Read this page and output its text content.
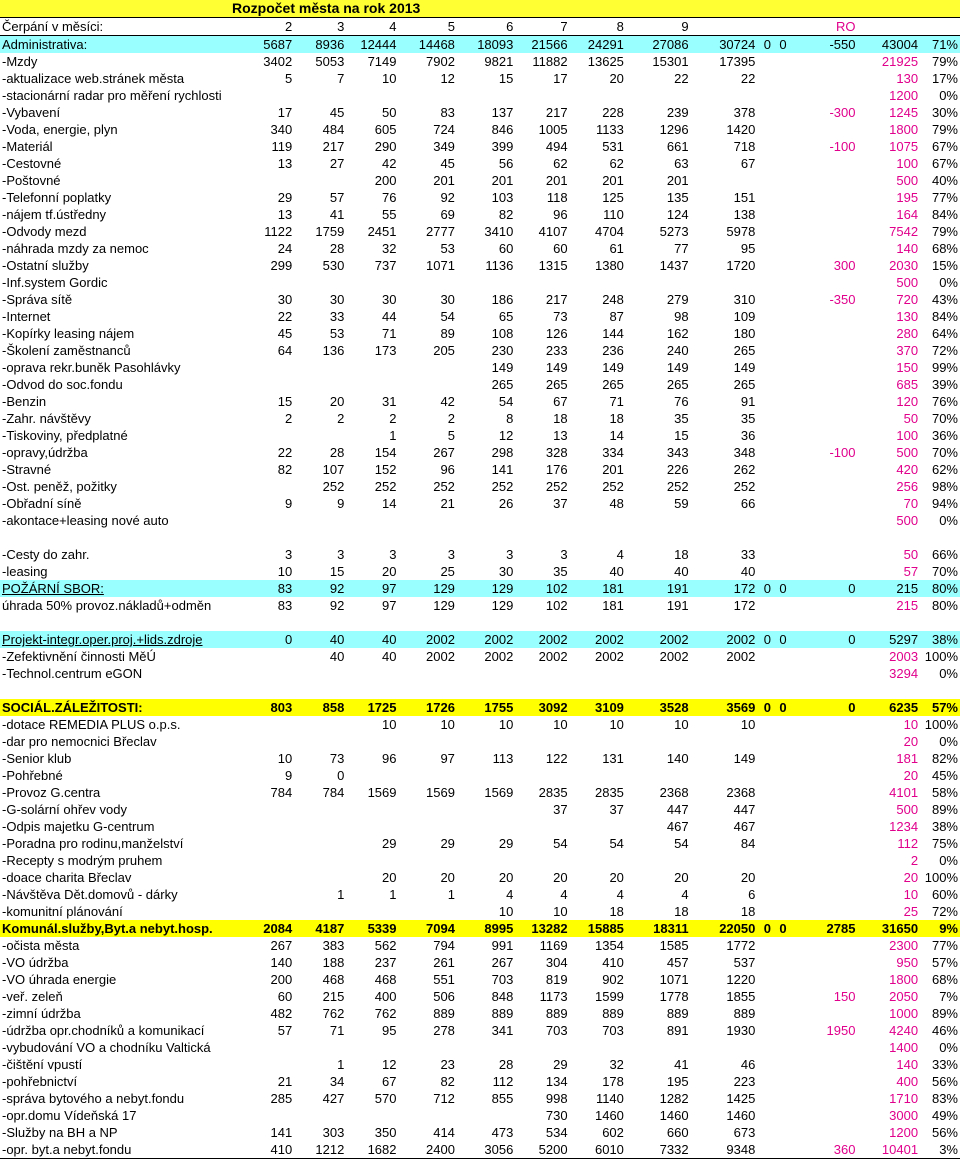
Rozpočet města na rok 2013														
Čerpání v měsíci:	2	3	4	5	6	7	8	9				RO		
Administrativa:	5687	8936	12444	14468	18093	21566	24291	27086	30724	0	0	-550	43004	71%
-Mzdy	3402	5053	7149	7902	9821	11882	13625	15301	17395				21925	79%
-aktualizace web.stránek města	5	7	10	12	15	17	20	22	22				130	17%
-stacionární radar pro měření rychlosti													1200	0%
-Vybavení	17	45	50	83	137	217	228	239	378			-300	1245	30%
-Voda, energie, plyn	340	484	605	724	846	1005	1133	1296	1420				1800	79%
-Materiál	119	217	290	349	399	494	531	661	718			-100	1075	67%
-Cestovné	13	27	42	45	56	62	62	63	67				100	67%
-Poštovné			200	201	201	201	201	201					500	40%
-Telefonní poplatky	29	57	76	92	103	118	125	135	151				195	77%
-nájem tf.ústředny	13	41	55	69	82	96	110	124	138				164	84%
-Odvody mezd	1122	1759	2451	2777	3410	4107	4704	5273	5978				7542	79%
-náhrada mzdy za nemoc	24	28	32	53	60	60	61	77	95				140	68%
-Ostatní služby	299	530	737	1071	1136	1315	1380	1437	1720			300	2030	15%
-Inf.system Gordic													500	0%
-Správa sítě	30	30	30	30	186	217	248	279	310			-350	720	43%
-Internet	22	33	44	54	65	73	87	98	109				130	84%
-Kopírky leasing nájem	45	53	71	89	108	126	144	162	180				280	64%
-Školení zaměstnanců	64	136	173	205	230	233	236	240	265				370	72%
-oprava rekr.buněk Pasohlávky					149	149	149	149	149				150	99%
-Odvod do soc.fondu					265	265	265	265	265				685	39%
-Benzin	15	20	31	42	54	67	71	76	91				120	76%
-Zahr. návštěvy	2	2	2	2	8	18	18	35	35				50	70%
-Tiskoviny, předplatné			1	5	12	13	14	15	36				100	36%
-opravy,údržba	22	28	154	267	298	328	334	343	348			-100	500	70%
-Stravné	82	107	152	96	141	176	201	226	262				420	62%
-Ost. peněž, požitky		252	252	252	252	252	252	252	252				256	98%
-Obřadní síně	9	9	14	21	26	37	48	59	66				70	94%
-akontace+leasing nové auto													500	0%

-Cesty do zahr.	3	3	3	3	3	3	4	18	33				50	66%
-leasing	10	15	20	25	30	35	40	40	40				57	70%
POŽÁRNÍ SBOR:	83	92	97	129	129	102	181	191	172	0	0	0	215	80%
úhrada 50% provoz.nákladů+odměn	83	92	97	129	129	102	181	191	172				215	80%

Projekt-integr.oper.proj.+lids.zdroje	0	40	40	2002	2002	2002	2002	2002	2002	0	0	0	5297	38%
-Zefektivnění činnosti MěÚ		40	40	2002	2002	2002	2002	2002	2002				2003	100%
-Technol.centrum eGON													3294	0%

SOCIÁL.ZÁLEŽITOSTI:	803	858	1725	1726	1755	3092	3109	3528	3569	0	0	0	6235	57%
-dotace REMEDIA PLUS o.p.s.			10	10	10	10	10	10	10				10	100%
-dar pro nemocnici Břeclav													20	0%
-Senior klub	10	73	96	97	113	122	131	140	149				181	82%
-Pohřebné	9	0											20	45%
-Provoz G.centra	784	784	1569	1569	1569	2835	2835	2368	2368				4101	58%
-G-solární ohřev vody						37	37	447	447				500	89%
-Odpis majetku G-centrum								467	467				1234	38%
-Poradna pro rodinu,manželství			29	29	29	54	54	54	84				112	75%
-Recepty s modrým pruhem													2	0%
-doace charita Břeclav			20	20	20	20	20	20	20				20	100%
-Návštěva Dět.domovů - dárky		1	1	1	4	4	4	4	6				10	60%
-komunitní plánování					10	10	18	18	18				25	72%
Komunál.služby,Byt.a nebyt.hosp.	2084	4187	5339	7094	8995	13282	15885	18311	22050	0	0	2785	31650	9%
-očista města	267	383	562	794	991	1169	1354	1585	1772				2300	77%
-VO údržba	140	188	237	261	267	304	410	457	537				950	57%
-VO úhrada energie	200	468	468	551	703	819	902	1071	1220				1800	68%
-veř. zeleň	60	215	400	506	848	1173	1599	1778	1855			150	2050	7%
-zimní údržba	482	762	762	889	889	889	889	889	889				1000	89%
-údržba opr.chodníků a komunikací	57	71	95	278	341	703	703	891	1930			1950	4240	46%
-vybudování VO a chodníku Valtická													1400	0%
-čištění vpustí		1	12	23	28	29	32	41	46				140	33%
-pohřebnictví	21	34	67	82	112	134	178	195	223				400	56%
-správa bytového a nebyt.fondu	285	427	570	712	855	998	1140	1282	1425				1710	83%
-opr.domu Vídeňská 17						730	1460	1460	1460				3000	49%
-Služby na BH a NP	141	303	350	414	473	534	602	660	673				1200	56%
-opr. byt.a nebyt.fondu	410	1212	1682	2400	3056	5200	6010	7332	9348			360	10401	3%
